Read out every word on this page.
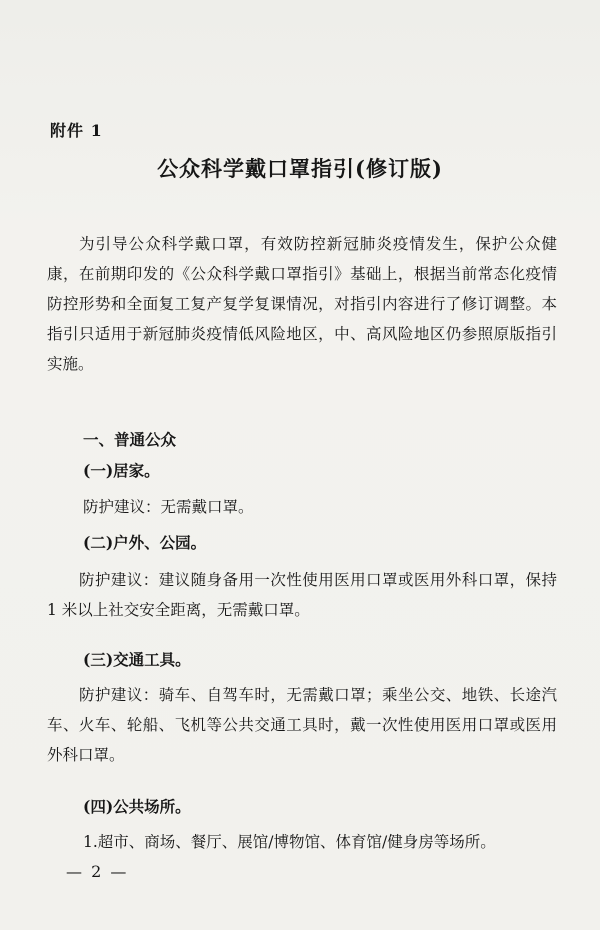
附件 1
公众科学戴口罩指引(修订版)

为引导公众科学戴口罩，有效防控新冠肺炎疫情发生，保护公众健康，在前期印发的《公众科学戴口罩指引》基础上，根据当前常态化疫情防控形势和全面复工复产复学复课情况，对指引内容进行了修订调整。本指引只适用于新冠肺炎疫情低风险地区，中、高风险地区仍参照原版指引实施。

一、普通公众
(一)居家。
防护建议：无需戴口罩。
(二)户外、公园。

防护建议：建议随身备用一次性使用医用口罩或医用外科口罩，保持 1 米以上社交安全距离，无需戴口罩。

(三)交通工具。

防护建议：骑车、自驾车时，无需戴口罩；乘坐公交、地铁、长途汽车、火车、轮船、飞机等公共交通工具时，戴一次性使用医用口罩或医用外科口罩。

(四)公共场所。
1.超市、商场、餐厅、展馆/博物馆、体育馆/健身房等场所。
— 2 —
